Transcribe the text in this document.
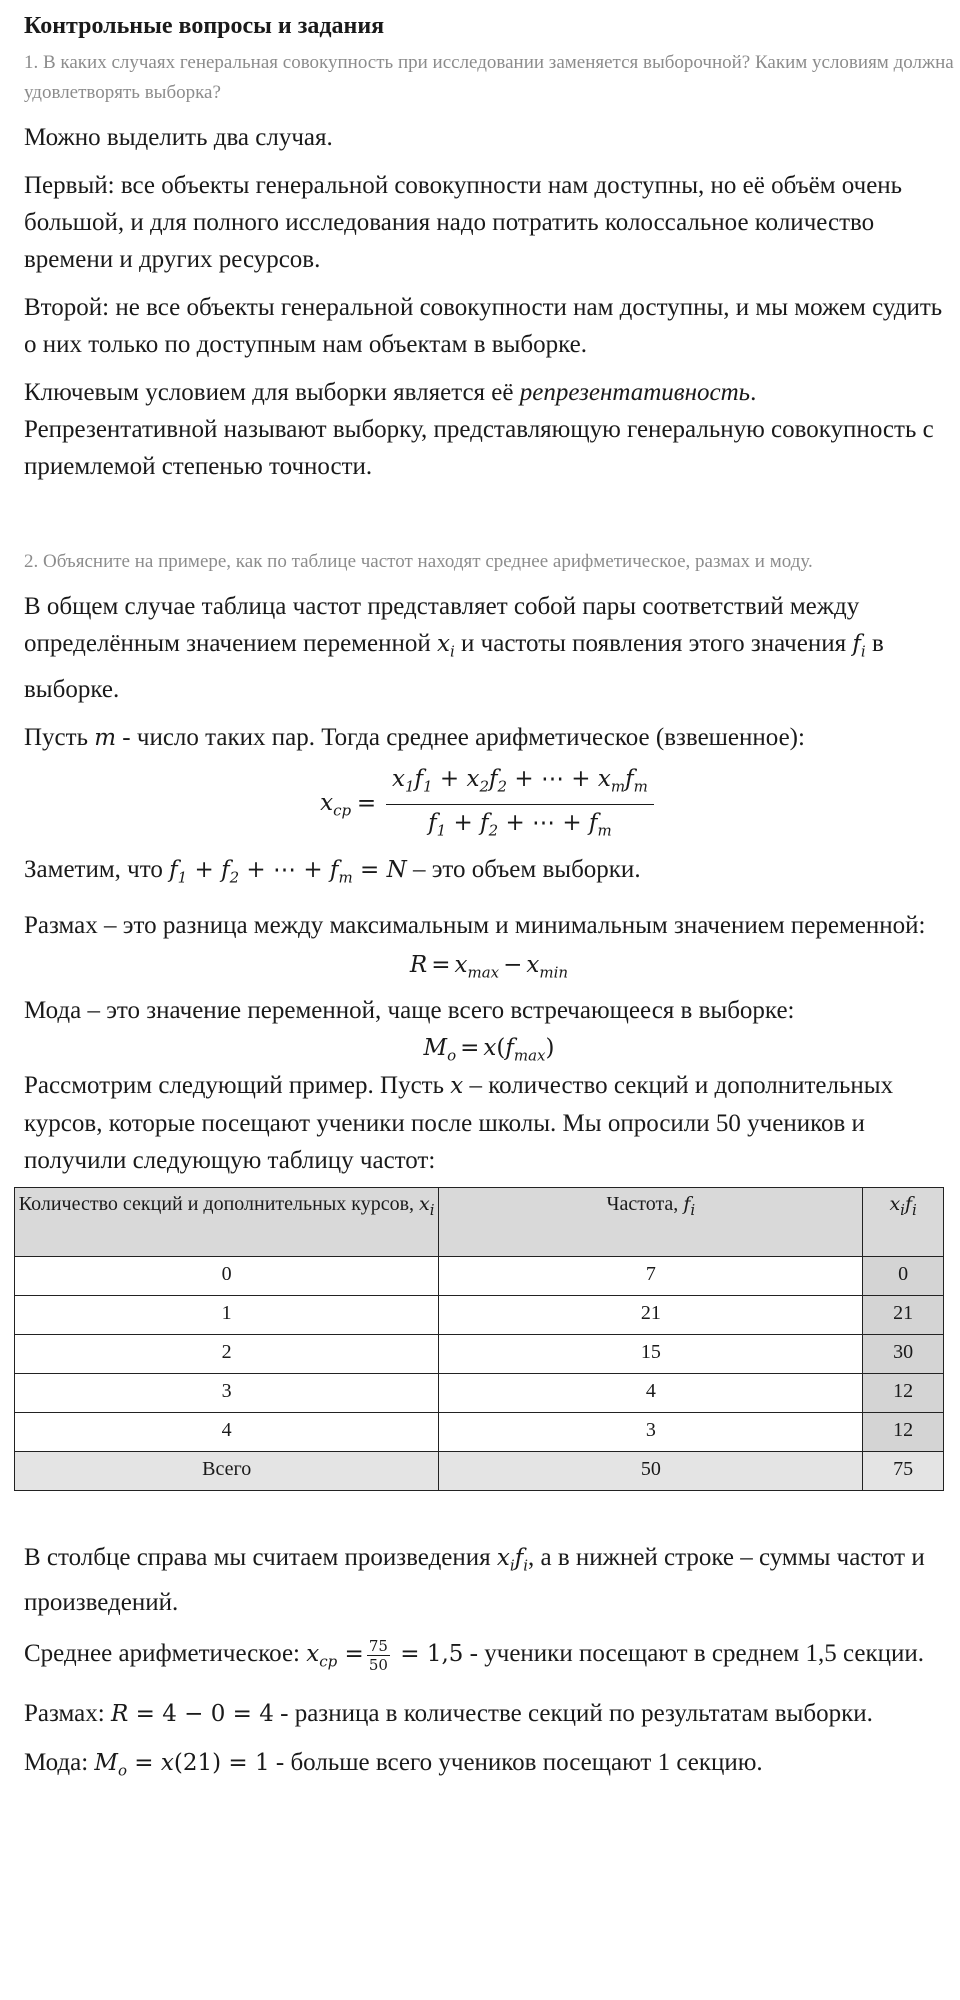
Контрольные вопросы и задания
1. В каких случаях генеральная совокупность при исследовании заменяется выборочной? Каким условиям должна удовлетворять выборка?

Можно выделить два случая.

Первый: все объекты генеральной совокупности нам доступны, но её объём очень большой, и для полного исследования надо потратить колоссальное количество времени и других ресурсов.

Второй: не все объекты генеральной совокупности нам доступны, и мы можем судить о них только по доступным нам объектам в выборке.

Ключевым условием для выборки является её репрезентативность. Репрезентативной называют выборку, представляющую генеральную совокупность с приемлемой степенью точности.

2. Объясните на примере, как по таблице частот находят среднее арифметическое, размах и моду.

В общем случае таблица частот представляет собой пары соответствий между определённым значением переменной $x_i$ и частоты появления этого значения $f_i$ в выборке.

Пусть m - число таких пар. Тогда среднее арифметическое (взвешенное):

$x_{cp} = \frac{x_1f_1 + x_2f_2 + \cdots + x_mf_m}{f_1 + f_2 + \cdots + f_m}$

Заметим, что $f_1 + f_2$ + ⋯ + $f_m = N$ – это объем выборки.

Размах – это разница между максимальным и минимальным значением переменной:

$R = x_{max} - x_{min}$

Мода – это значение переменной, чаще всего встречающееся в выборке:

$M_o = x(f_{max})$

Рассмотрим следующий пример. Пусть x – количество секций и дополнительных курсов, которые посещают ученики после школы. Мы опросили 50 учеников и получили следующую таблицу частот:

Количество секций и дополнительных курсов, $x_i$	Частота, $f_i$	$x_if_i$
0	7	0
1	21	21
2	15	30
3	4	12
4	3	12
Всего	50	75

В столбце справа мы считаем произведения $x_if_i$, а в нижней строке – суммы частот и произведений.

Среднее арифметическое: $x_{cp} = \frac{75}{50} = 1,5$ - ученики посещают в среднем 1,5 секции.

Размах: R = 4 − 0 = 4 - разница в количестве секций по результатам выборки.

Мода: $M_o = x(21) = 1$ - больше всего учеников посещают 1 секцию.
